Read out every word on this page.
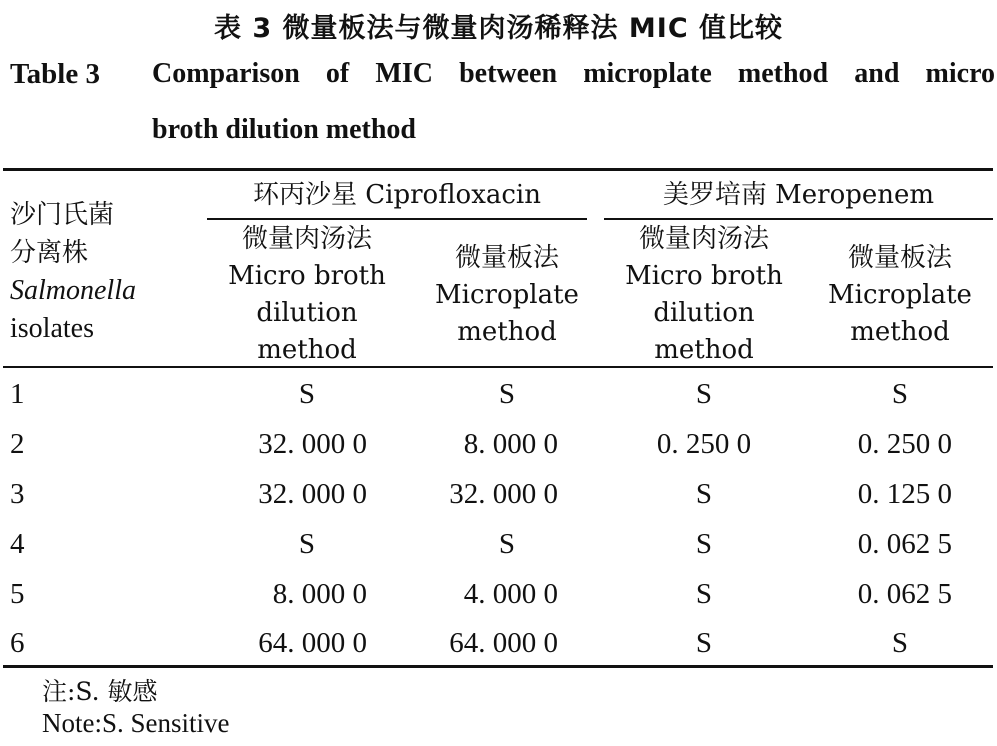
表 3 微量板法与微量肉汤稀释法 MIC 值比较
Table 3 Comparison of MIC between microplate method and micro
broth dilution method
沙门氏菌
分离株
Salmonella
isolates
环丙沙星 Ciprofloxacin	美罗培南 Meropenem
微量肉汤法
Micro broth
dilution
method
微量板法
Microplate
method
微量肉汤法
Micro broth
dilution
method
微量板法
Microplate
method
1	S	S	S	S
2	32. 000 0	8. 000 0	0. 250 0	0. 250 0
3	32. 000 0	32. 000 0	S	0. 125 0
4	S	S	S	0. 062 5
5	8. 000 0	4. 000 0	S	0. 062 5
6	64. 000 0	64. 000 0	S	S
注:S. 敏感
Note:S. Sensitive
